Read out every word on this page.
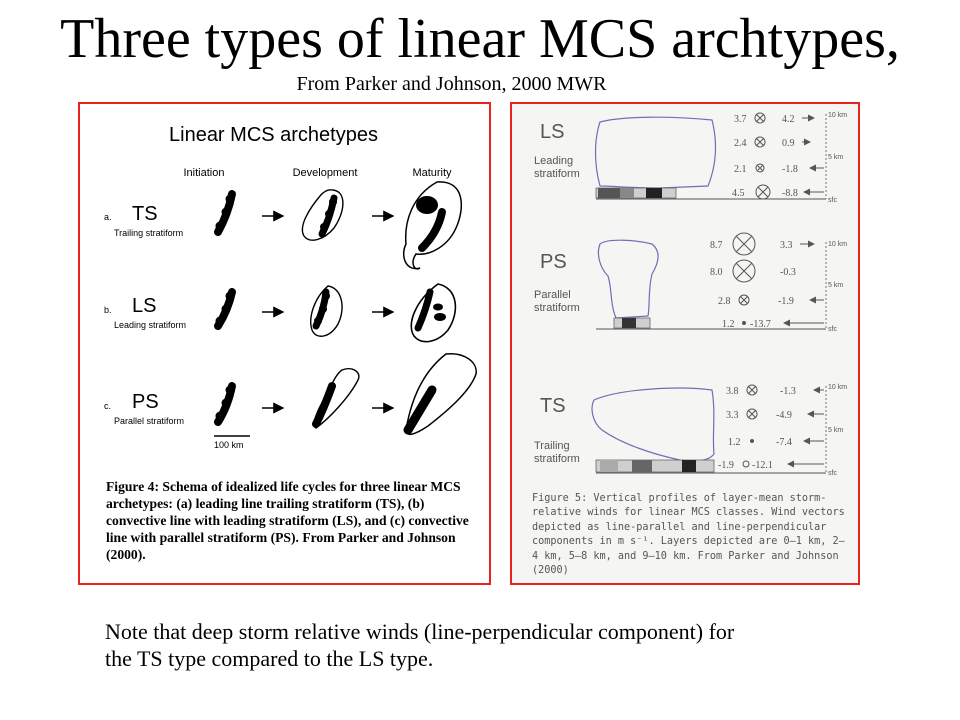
Three types of linear MCS archtypes,
From Parker and Johnson, 2000 MWR
Linear MCS archetypes
Initiation	Development	Maturity
a. TS
Trailing stratiform
b. LS
Leading stratiform
c. PS
Parallel stratiform
100 km
Figure 4: Schema of idealized life cycles for three linear MCS archetypes: (a) leading line trailing stratiform (TS), (b) convective line with leading stratiform (LS), and (c) convective line with parallel stratiform (PS). From Parker and Johnson (2000).
LS
Leading
stratiform
3.7
2.4
2.1
4.5
4.2
0.9
-1.8
-8.8
10 km
5 km
sfc
PS
Parallel
stratiform
8.7
8.0
2.8
1.2
3.3
-0.3
-1.9
-13.7
10 km
5 km
sfc
TS
Trailing
stratiform
3.8
3.3
1.2
-1.9
-1.3
-4.9
-7.4
-12.1
10 km
5 km
sfc
Figure 5: Vertical profiles of layer-mean storm-relative winds for linear MCS classes. Wind vectors depicted as line-parallel and line-perpendicular components in m s⁻¹. Layers depicted are 0–1 km, 2–4 km, 5–8 km, and 9–10 km. From Parker and Johnson (2000)
Note that deep storm relative winds (line-perpendicular component) for the TS type compared to the LS type.
